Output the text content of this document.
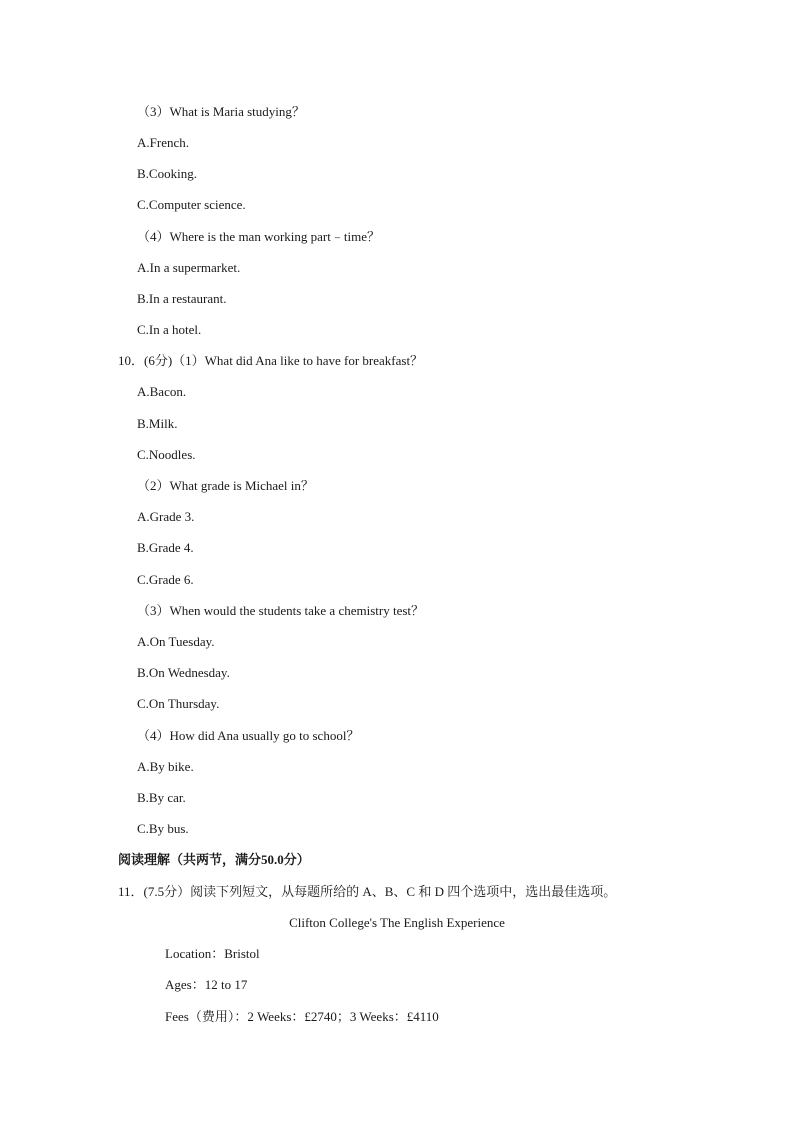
（3）What is Maria studying？
A.French.
B.Cooking.
C.Computer science.
（4）Where is the man working part﹣time？
A.In a supermarket.
B.In a restaurant.
C.In a hotel.
10．(6分)（1）What did Ana like to have for breakfast？
A.Bacon.
B.Milk.
C.Noodles.
（2）What grade is Michael in？
A.Grade 3.
B.Grade 4.
C.Grade 6.
（3）When would the students take a chemistry test？
A.On Tuesday.
B.On Wednesday.
C.On Thursday.
（4）How did Ana usually go to school？
A.By bike.
B.By car.
C.By bus.
阅读理解（共两节，满分50.0分）
11．(7.5分）阅读下列短文，从每题所给的 A、B、C 和 D 四个选项中，选出最佳选项。
Clifton College's The English Experience
Location：Bristol
Ages：12 to 17
Fees（费用）：2 Weeks：£2740；3 Weeks：£4110
